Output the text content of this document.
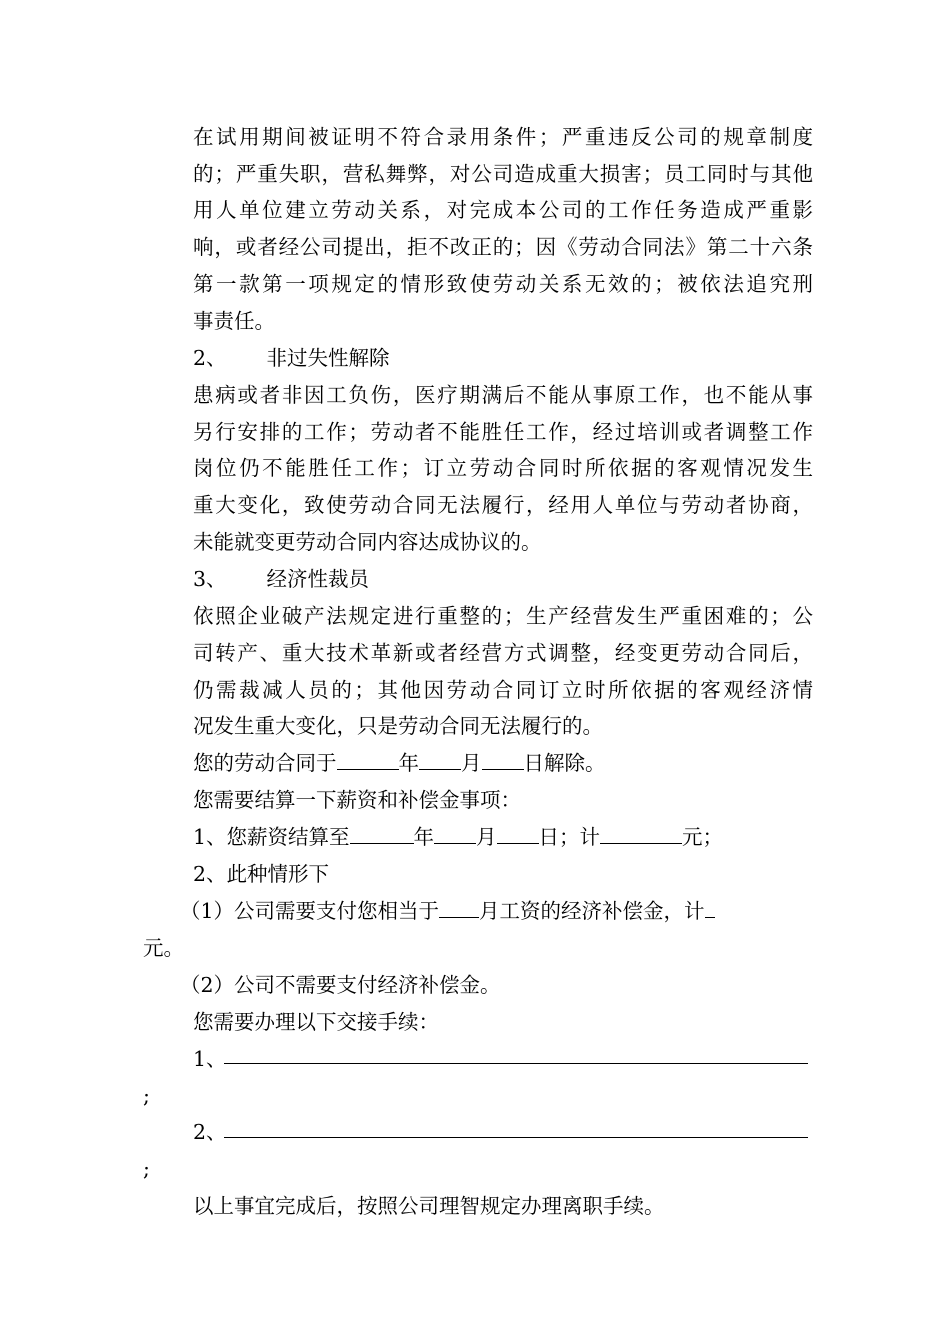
在试用期间被证明不符合录用条件；严重违反公司的规章制度
的；严重失职，营私舞弊，对公司造成重大损害；员工同时与其他
用人单位建立劳动关系，对完成本公司的工作任务造成严重影
响，或者经公司提出，拒不改正的；因《劳动合同法》第二十六条
第一款第一项规定的情形致使劳动关系无效的；被依法追究刑
事责任。
2、 非过失性解除
患病或者非因工负伤，医疗期满后不能从事原工作，也不能从事
另行安排的工作；劳动者不能胜任工作，经过培训或者调整工作
岗位仍不能胜任工作；订立劳动合同时所依据的客观情况发生
重大变化，致使劳动合同无法履行，经用人单位与劳动者协商，
未能就变更劳动合同内容达成协议的。
3、 经济性裁员
依照企业破产法规定进行重整的；生产经营发生严重困难的；公
司转产、重大技术革新或者经营方式调整，经变更劳动合同后，
仍需裁减人员的；其他因劳动合同订立时所依据的客观经济情
况发生重大变化，只是劳动合同无法履行的。
您的劳动合同于	年 月 日解除。
您需要结算一下薪资和补偿金事项：
1、您薪资结算至	年 月 日；计	元；
2、此种情形下
（1）公司需要支付您相当于 月工资的经济补偿金，计
元。
（2）公司不需要支付经济补偿金。
您需要办理以下交接手续：
1、
;
2、
;
以上事宜完成后，按照公司理智规定办理离职手续。
